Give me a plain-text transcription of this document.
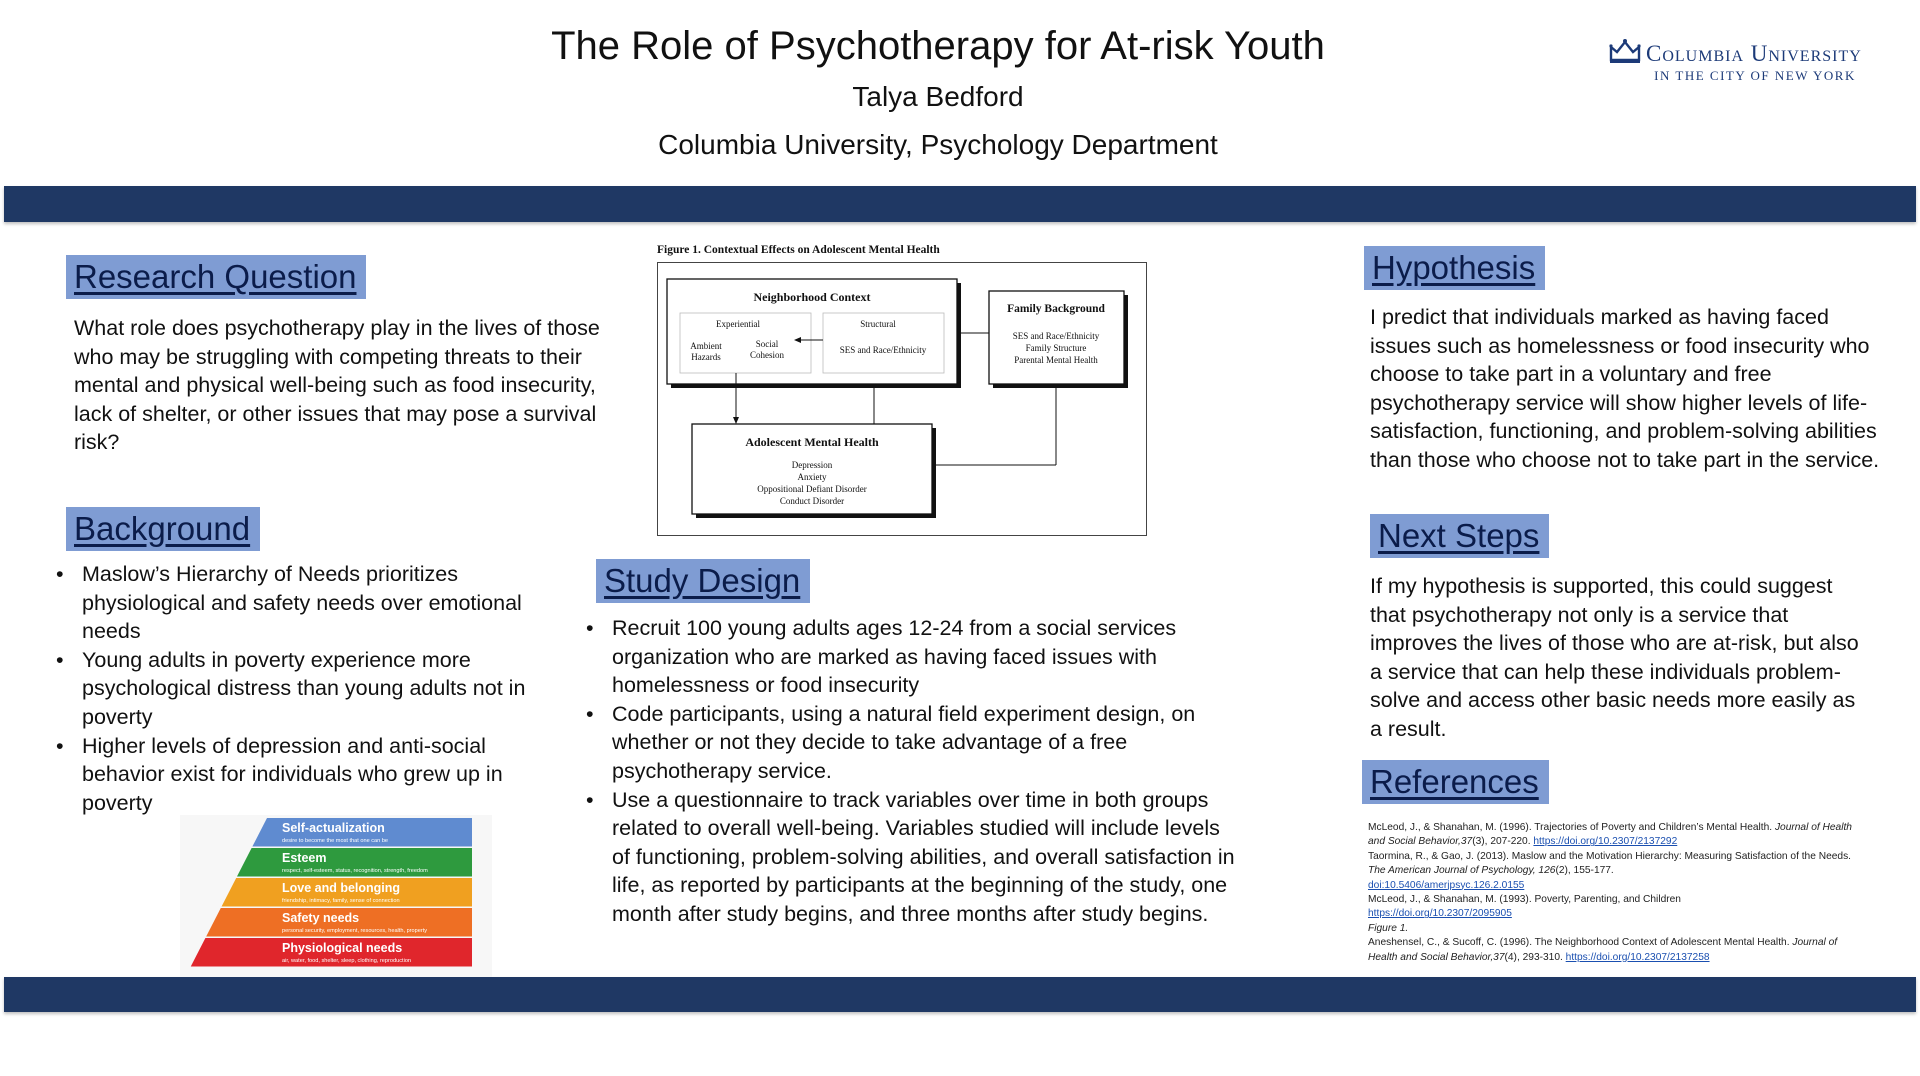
The Role of Psychotherapy for At-risk Youth
Talya Bedford
Columbia University, Psychology Department
Columbia University
IN THE CITY OF NEW YORK
Research Question
What role does psychotherapy play in the lives of those who may be struggling with competing threats to their mental and physical well-being such as food insecurity, lack of shelter, or other issues that may pose a survival risk?
Background
• Maslow’s Hierarchy of Needs prioritizes physiological and safety needs over emotional needs
• Young adults in poverty experience more psychological distress than young adults not in poverty
• Higher levels of depression and anti-social behavior exist for individuals who grew up in poverty
Self-actualization
desire to become the most that one can be
Esteem
respect, self-esteem, status, recognition, strength, freedom
Love and belonging
friendship, intimacy, family, sense of connection
Safety needs
personal security, employment, resources, health, property
Physiological needs
air, water, food, shelter, sleep, clothing, reproduction
Figure 1. Contextual Effects on Adolescent Mental Health
Neighborhood Context
Experiential	Structural
Ambient
Hazards
Social
Cohesion	SES and Race/Ethnicity
Family Background
SES and Race/Ethnicity
Family Structure
Parental Mental Health
Adolescent Mental Health
Depression
Anxiety
Oppositional Defiant Disorder
Conduct Disorder
Study Design
• Recruit 100 young adults ages 12-24 from a social services organization who are marked as having faced issues with homelessness or food insecurity
• Code participants, using a natural field experiment design, on whether or not they decide to take advantage of a free psychotherapy service.
• Use a questionnaire to track variables over time in both groups related to overall well-being. Variables studied will include levels of functioning, problem-solving abilities, and overall satisfaction in life, as reported by participants at the beginning of the study, one month after study begins, and three months after study begins.
Hypothesis
I predict that individuals marked as having faced issues such as homelessness or food insecurity who choose to take part in a voluntary and free psychotherapy service will show higher levels of life-satisfaction, functioning, and problem-solving abilities than those who choose not to take part in the service.
Next Steps
If my hypothesis is supported, this could suggest that psychotherapy not only is a service that improves the lives of those who are at-risk, but also a service that can help these individuals problem-solve and access other basic needs more easily as a result.
References

McLeod, J., & Shanahan, M. (1996). Trajectories of Poverty and Children’s Mental Health. Journal of Health and Social Behavior,37(3), 207-220. https://doi.org/10.2307/2137292

Taormina, R., & Gao, J. (2013). Maslow and the Motivation Hierarchy: Measuring Satisfaction of the Needs. The American Journal of Psychology, 126(2), 155-177.
doi:10.5406/amerjpsyc.126.2.0155

McLeod, J., & Shanahan, M. (1993). Poverty, Parenting, and Children
https://doi.org/10.2307/2095905

Figure 1.

Aneshensel, C., & Sucoff, C. (1996). The Neighborhood Context of Adolescent Mental Health. Journal of Health and Social Behavior,37(4), 293-310. https://doi.org/10.2307/2137258
